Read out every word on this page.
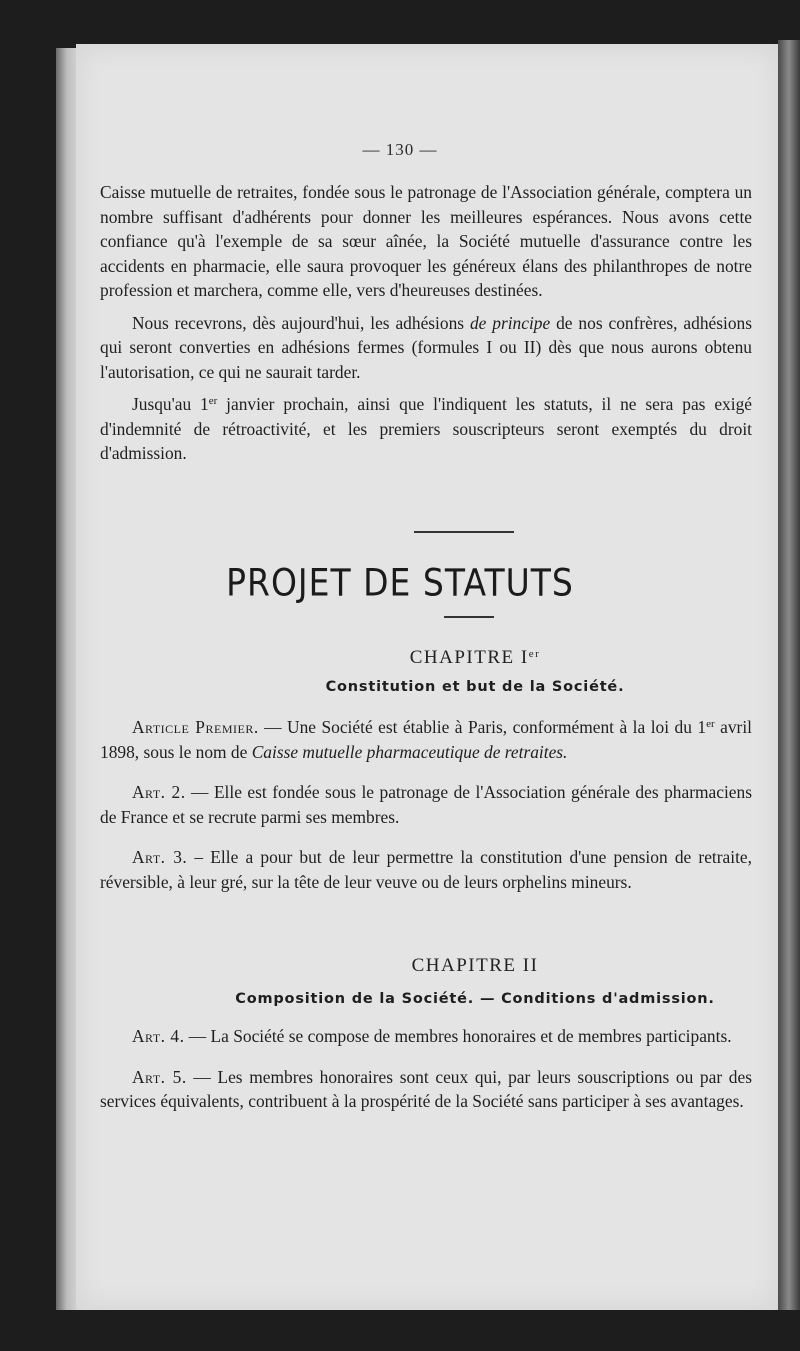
— 130 —

Caisse mutuelle de retraites, fondée sous le patronage de l'Association générale, comptera un nombre suffisant d'adhérents pour donner les meilleures espérances. Nous avons cette confiance qu'à l'exemple de sa sœur aînée, la Société mutuelle d'assurance contre les accidents en pharmacie, elle saura provoquer les généreux élans des philanthropes de notre profession et marchera, comme elle, vers d'heureuses destinées.

Nous recevrons, dès aujourd'hui, les adhésions de principe de nos confrères, adhésions qui seront converties en adhésions fermes (formules I ou II) dès que nous aurons obtenu l'autorisation, ce qui ne saurait tarder.

Jusqu'au 1er janvier prochain, ainsi que l'indiquent les statuts, il ne sera pas exigé d'indemnité de rétroactivité, et les premiers souscripteurs seront exemptés du droit d'admission.

PROJET DE STATUTS
CHAPITRE Ier
Constitution et but de la Société.

Article Premier. — Une Société est établie à Paris, conformément à la loi du 1er avril 1898, sous le nom de Caisse mutuelle pharmaceutique de retraites.

Art. 2. — Elle est fondée sous le patronage de l'Association générale des pharmaciens de France et se recrute parmi ses membres.

Art. 3. – Elle a pour but de leur permettre la constitution d'une pension de retraite, réversible, à leur gré, sur la tête de leur veuve ou de leurs orphelins mineurs.

CHAPITRE II
Composition de la Société. — Conditions d'admission.

Art. 4. — La Société se compose de membres honoraires et de membres participants.

Art. 5. — Les membres honoraires sont ceux qui, par leurs souscriptions ou par des services équivalents, contribuent à la prospérité de la Société sans participer à ses avantages.
